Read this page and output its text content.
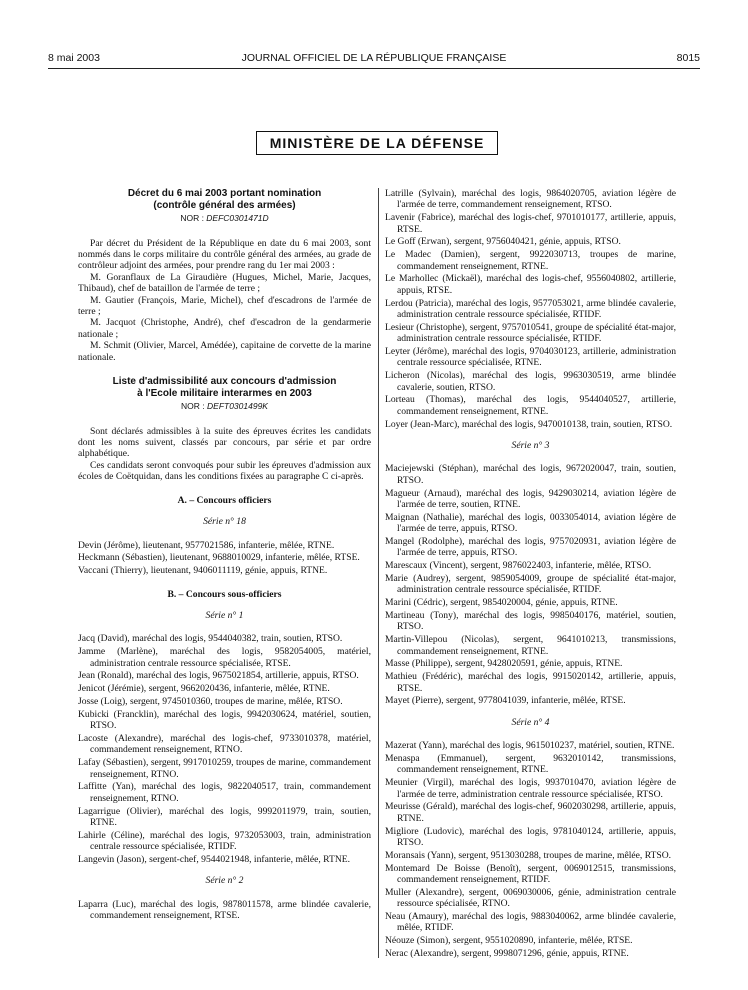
8 mai 2003	JOURNAL OFFICIEL DE LA RÉPUBLIQUE FRANÇAISE	8015
MINISTÈRE DE LA DÉFENSE
Décret du 6 mai 2003 portant nomination
(contrôle général des armées)
NOR : DEFC0301471D

Par décret du Président de la République en date du 6 mai 2003, sont nommés dans le corps militaire du contrôle général des armées, au grade de contrôleur adjoint des armées, pour prendre rang du 1er mai 2003 :

M. Goranflaux de La Giraudière (Hugues, Michel, Marie, Jacques, Thibaud), chef de bataillon de l'armée de terre ;

M. Gautier (François, Marie, Michel), chef d'escadrons de l'armée de terre ;

M. Jacquot (Christophe, André), chef d'escadron de la gendarmerie nationale ;

M. Schmit (Olivier, Marcel, Amédée), capitaine de corvette de la marine nationale.

Liste d'admissibilité aux concours d'admission
à l'Ecole militaire interarmes en 2003
NOR : DEFT0301499K

Sont déclarés admissibles à la suite des épreuves écrites les candidats dont les noms suivent, classés par concours, par série et par ordre alphabétique.

Ces candidats seront convoqués pour subir les épreuves d'admission aux écoles de Coëtquidan, dans les conditions fixées au paragraphe C ci-après.

A. – Concours officiers
Série n° 18

Devin (Jérôme), lieutenant, 9577021586, infanterie, mêlée, RTNE.

Heckmann (Sébastien), lieutenant, 9688010029, infanterie, mêlée, RTSE.

Vaccani (Thierry), lieutenant, 9406011119, génie, appuis, RTNE.

B. – Concours sous-officiers
Série n° 1

Jacq (David), maréchal des logis, 9544040382, train, soutien, RTSO.

Jamme (Marlène), maréchal des logis, 9582054005, matériel, administration centrale ressource spécialisée, RTSE.

Jean (Ronald), maréchal des logis, 9675021854, artillerie, appuis, RTSO.

Jenicot (Jérémie), sergent, 9662020436, infanterie, mêlée, RTNE.

Josse (Loig), sergent, 9745010360, troupes de marine, mêlée, RTSO.

Kubicki (Francklin), maréchal des logis, 9942030624, matériel, soutien, RTSO.

Lacoste (Alexandre), maréchal des logis-chef, 9733010378, matériel, commandement renseignement, RTNO.

Lafay (Sébastien), sergent, 9917010259, troupes de marine, commandement renseignement, RTNO.

Laffitte (Yan), maréchal des logis, 9822040517, train, commandement renseignement, RTNO.

Lagarrigue (Olivier), maréchal des logis, 9992011979, train, soutien, RTNE.

Lahirle (Céline), maréchal des logis, 9732053003, train, administration centrale ressource spécialisée, RTIDF.

Langevin (Jason), sergent-chef, 9544021948, infanterie, mêlée, RTNE.

Série n° 2

Laparra (Luc), maréchal des logis, 9878011578, arme blindée cavalerie, commandement renseignement, RTSE.

Latrille (Sylvain), maréchal des logis, 9864020705, aviation légère de l'armée de terre, commandement renseignement, RTSO.

Lavenir (Fabrice), maréchal des logis-chef, 9701010177, artillerie, appuis, RTSE.

Le Goff (Erwan), sergent, 9756040421, génie, appuis, RTSO.

Le Madec (Damien), sergent, 9922030713, troupes de marine, commandement renseignement, RTNE.

Le Marhollec (Mickaël), maréchal des logis-chef, 9556040802, artillerie, appuis, RTSE.

Lerdou (Patricia), maréchal des logis, 9577053021, arme blindée cavalerie, administration centrale ressource spécialisée, RTIDF.

Lesieur (Christophe), sergent, 9757010541, groupe de spécialité état-major, administration centrale ressource spécialisée, RTIDF.

Leyter (Jérôme), maréchal des logis, 9704030123, artillerie, administration centrale ressource spécialisée, RTNE.

Licheron (Nicolas), maréchal des logis, 9963030519, arme blindée cavalerie, soutien, RTSO.

Lorteau (Thomas), maréchal des logis, 9544040527, artillerie, commandement renseignement, RTNE.

Loyer (Jean-Marc), maréchal des logis, 9470010138, train, soutien, RTSO.

Série n° 3

Maciejewski (Stéphan), maréchal des logis, 9672020047, train, soutien, RTSO.

Magueur (Arnaud), maréchal des logis, 9429030214, aviation légère de l'armée de terre, soutien, RTNE.

Maignan (Nathalie), maréchal des logis, 0033054014, aviation légère de l'armée de terre, appuis, RTSO.

Mangel (Rodolphe), maréchal des logis, 9757020931, aviation légère de l'armée de terre, appuis, RTSO.

Marescaux (Vincent), sergent, 9876022403, infanterie, mêlée, RTSO.

Marie (Audrey), sergent, 9859054009, groupe de spécialité état-major, administration centrale ressource spécialisée, RTIDF.

Marini (Cédric), sergent, 9854020004, génie, appuis, RTNE.

Martineau (Tony), maréchal des logis, 9985040176, matériel, soutien, RTSO.

Martin-Villepou (Nicolas), sergent, 9641010213, transmissions, commandement renseignement, RTNE.

Masse (Philippe), sergent, 9428020591, génie, appuis, RTNE.

Mathieu (Frédéric), maréchal des logis, 9915020142, artillerie, appuis, RTSE.

Mayet (Pierre), sergent, 9778041039, infanterie, mêlée, RTSE.

Série n° 4

Mazerat (Yann), maréchal des logis, 9615010237, matériel, soutien, RTNE.

Menaspa (Emmanuel), sergent, 9632010142, transmissions, commandement renseignement, RTNE.

Meunier (Virgil), maréchal des logis, 9937010470, aviation légère de l'armée de terre, administration centrale ressource spécialisée, RTSO.

Meurisse (Gérald), maréchal des logis-chef, 9602030298, artillerie, appuis, RTNE.

Migliore (Ludovic), maréchal des logis, 9781040124, artillerie, appuis, RTSO.

Moransais (Yann), sergent, 9513030288, troupes de marine, mêlée, RTSO.

Montemard De Boisse (Benoît), sergent, 0069012515, transmissions, commandement renseignement, RTIDF.

Muller (Alexandre), sergent, 0069030006, génie, administration centrale ressource spécialisée, RTNO.

Neau (Amaury), maréchal des logis, 9883040062, arme blindée cavalerie, mêlée, RTIDF.

Néouze (Simon), sergent, 9551020890, infanterie, mêlée, RTSE.

Nerac (Alexandre), sergent, 9998071296, génie, appuis, RTNE.
